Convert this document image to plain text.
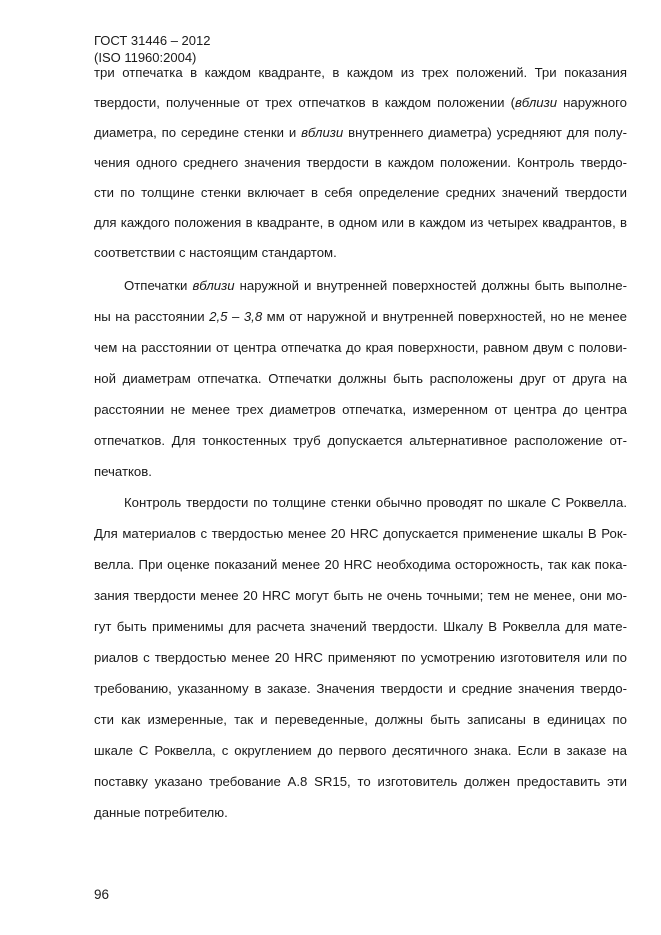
ГОСТ 31446 – 2012
(ISO 11960:2004)
три отпечатка в каждом квадранте, в каждом из трех положений. Три показания
твердости, полученные от трех отпечатков в каждом положении (вблизи наружного
диаметра, по середине стенки и вблизи внутреннего диаметра) усредняют для полу-
чения одного среднего значения твердости в каждом положении. Контроль твердо-
сти по толщине стенки включает в себя определение средних значений твердости
для каждого положения в квадранте, в одном или в каждом из четырех квадрантов, в
соответствии с настоящим стандартом.
Отпечатки вблизи наружной и внутренней поверхностей должны быть выполне-
ны на расстоянии 2,5 – 3,8 мм от наружной и внутренней поверхностей, но не менее
чем на расстоянии от центра отпечатка до края поверхности, равном двум с полови-
ной диаметрам отпечатка. Отпечатки должны быть расположены друг от друга на
расстоянии не менее трех диаметров отпечатка, измеренном от центра до центра
отпечатков. Для тонкостенных труб допускается альтернативное расположение от-
печатков.
Контроль твердости по толщине стенки обычно проводят по шкале С Роквелла.
Для материалов с твердостью менее 20 HRC допускается применение шкалы В Рок-
велла. При оценке показаний менее 20 HRC необходима осторожность, так как пока-
зания твердости менее 20 HRC могут быть не очень точными; тем не менее, они мо-
гут быть применимы для расчета значений твердости. Шкалу В Роквелла для мате-
риалов с твердостью менее 20 HRC применяют по усмотрению изготовителя или по
требованию, указанному в заказе. Значения твердости и средние значения твердо-
сти как измеренные, так и переведенные, должны быть записаны в единицах по
шкале С Роквелла, с округлением до первого десятичного знака. Если в заказе на
поставку указано требование А.8 SR15, то изготовитель должен предоставить эти
данные потребителю.
96
